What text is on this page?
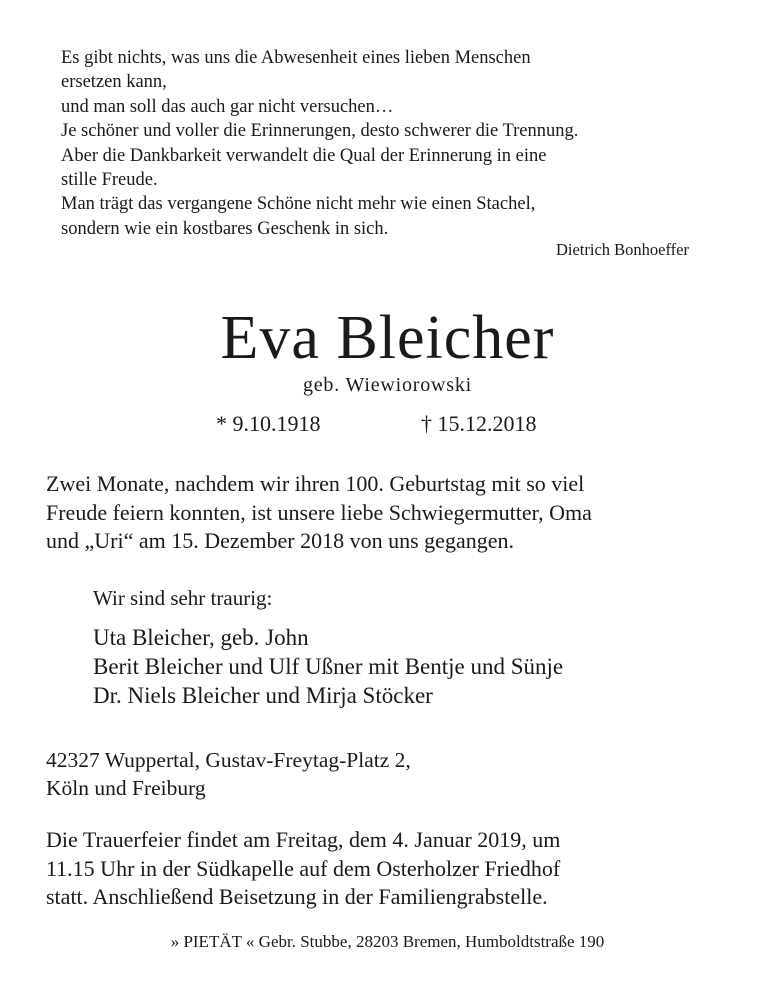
Es gibt nichts, was uns die Abwesenheit eines lieben Menschen
ersetzen kann,
und man soll das auch gar nicht versuchen…
Je schöner und voller die Erinnerungen, desto schwerer die Trennung.
Aber die Dankbarkeit verwandelt die Qual der Erinnerung in eine
stille Freude.
Man trägt das vergangene Schöne nicht mehr wie einen Stachel,
sondern wie ein kostbares Geschenk in sich.
Dietrich Bonhoeffer
Eva Bleicher
geb. Wiewiorowski
* 9.10.1918	† 15.12.2018
Zwei Monate, nachdem wir ihren 100. Geburtstag mit so viel
Freude feiern konnten, ist unsere liebe Schwiegermutter, Oma
und „Uri“ am 15. Dezember 2018 von uns gegangen.
Wir sind sehr traurig:
Uta Bleicher, geb. John
Berit Bleicher und Ulf Ußner mit Bentje und Sünje
Dr. Niels Bleicher und Mirja Stöcker
42327 Wuppertal, Gustav-Freytag-Platz 2,
Köln und Freiburg
Die Trauerfeier findet am Freitag, dem 4. Januar 2019, um
11.15 Uhr in der Südkapelle auf dem Osterholzer Friedhof
statt. Anschließend Beisetzung in der Familiengrabstelle.
» PIETÄT « Gebr. Stubbe, 28203 Bremen, Humboldtstraße 190
